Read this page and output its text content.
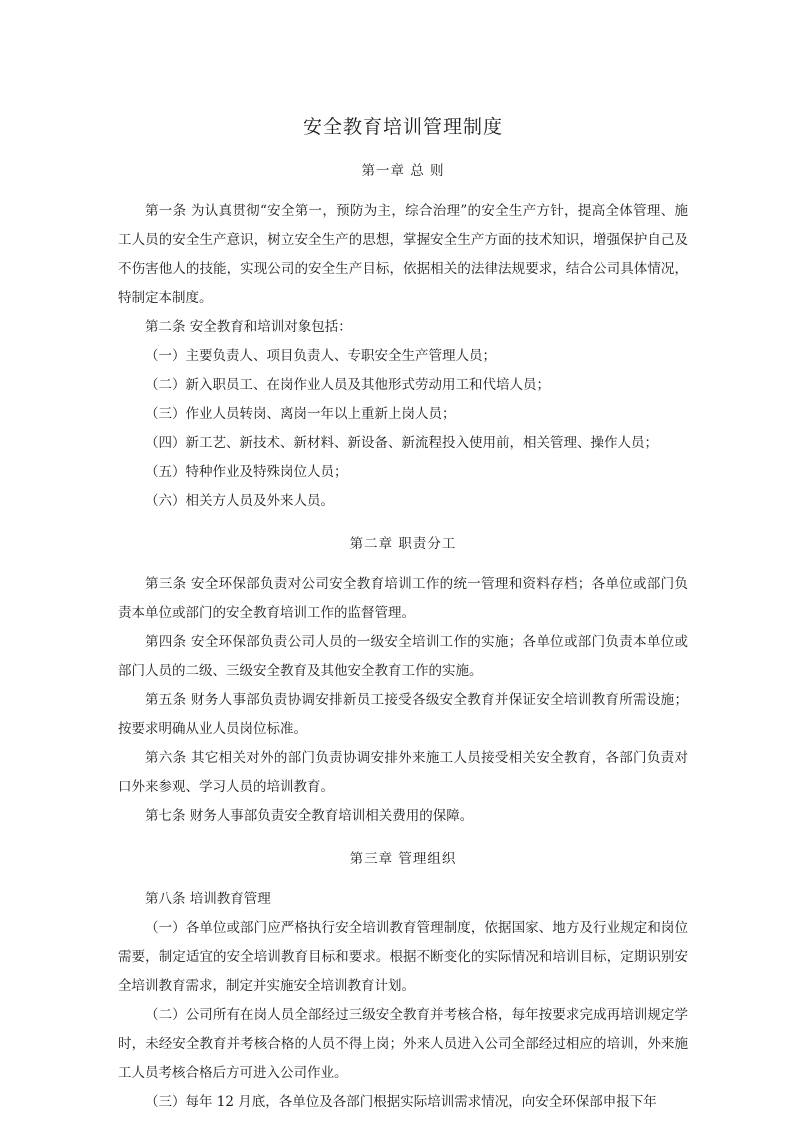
安全教育培训管理制度
第一章 总 则

第一条 为认真贯彻“安全第一，预防为主，综合治理”的安全生产方针，提高全体管理、施工人员的安全生产意识，树立安全生产的思想，掌握安全生产方面的技术知识，增强保护自己及不伤害他人的技能，实现公司的安全生产目标，依据相关的法律法规要求，结合公司具体情况，特制定本制度。

第二条 安全教育和培训对象包括：

（一）主要负责人、项目负责人、专职安全生产管理人员；

（二）新入职员工、在岗作业人员及其他形式劳动用工和代培人员；

（三）作业人员转岗、离岗一年以上重新上岗人员；

（四）新工艺、新技术、新材料、新设备、新流程投入使用前，相关管理、操作人员；

（五）特种作业及特殊岗位人员；

（六）相关方人员及外来人员。

第二章 职责分工

第三条 安全环保部负责对公司安全教育培训工作的统一管理和资料存档；各单位或部门负责本单位或部门的安全教育培训工作的监督管理。

第四条 安全环保部负责公司人员的一级安全培训工作的实施；各单位或部门负责本单位或部门人员的二级、三级安全教育及其他安全教育工作的实施。

第五条 财务人事部负责协调安排新员工接受各级安全教育并保证安全培训教育所需设施；按要求明确从业人员岗位标准。

第六条 其它相关对外的部门负责协调安排外来施工人员接受相关安全教育，各部门负责对口外来参观、学习人员的培训教育。

第七条 财务人事部负责安全教育培训相关费用的保障。

第三章 管理组织

第八条 培训教育管理

（一）各单位或部门应严格执行安全培训教育管理制度，依据国家、地方及行业规定和岗位需要，制定适宜的安全培训教育目标和要求。根据不断变化的实际情况和培训目标，定期识别安全培训教育需求，制定并实施安全培训教育计划。

（二）公司所有在岗人员全部经过三级安全教育并考核合格，每年按要求完成再培训规定学时，未经安全教育并考核合格的人员不得上岗；外来人员进入公司全部经过相应的培训，外来施工人员考核合格后方可进入公司作业。

（三）每年 12 月底，各单位及各部门根据实际培训需求情况，向安全环保部申报下年
